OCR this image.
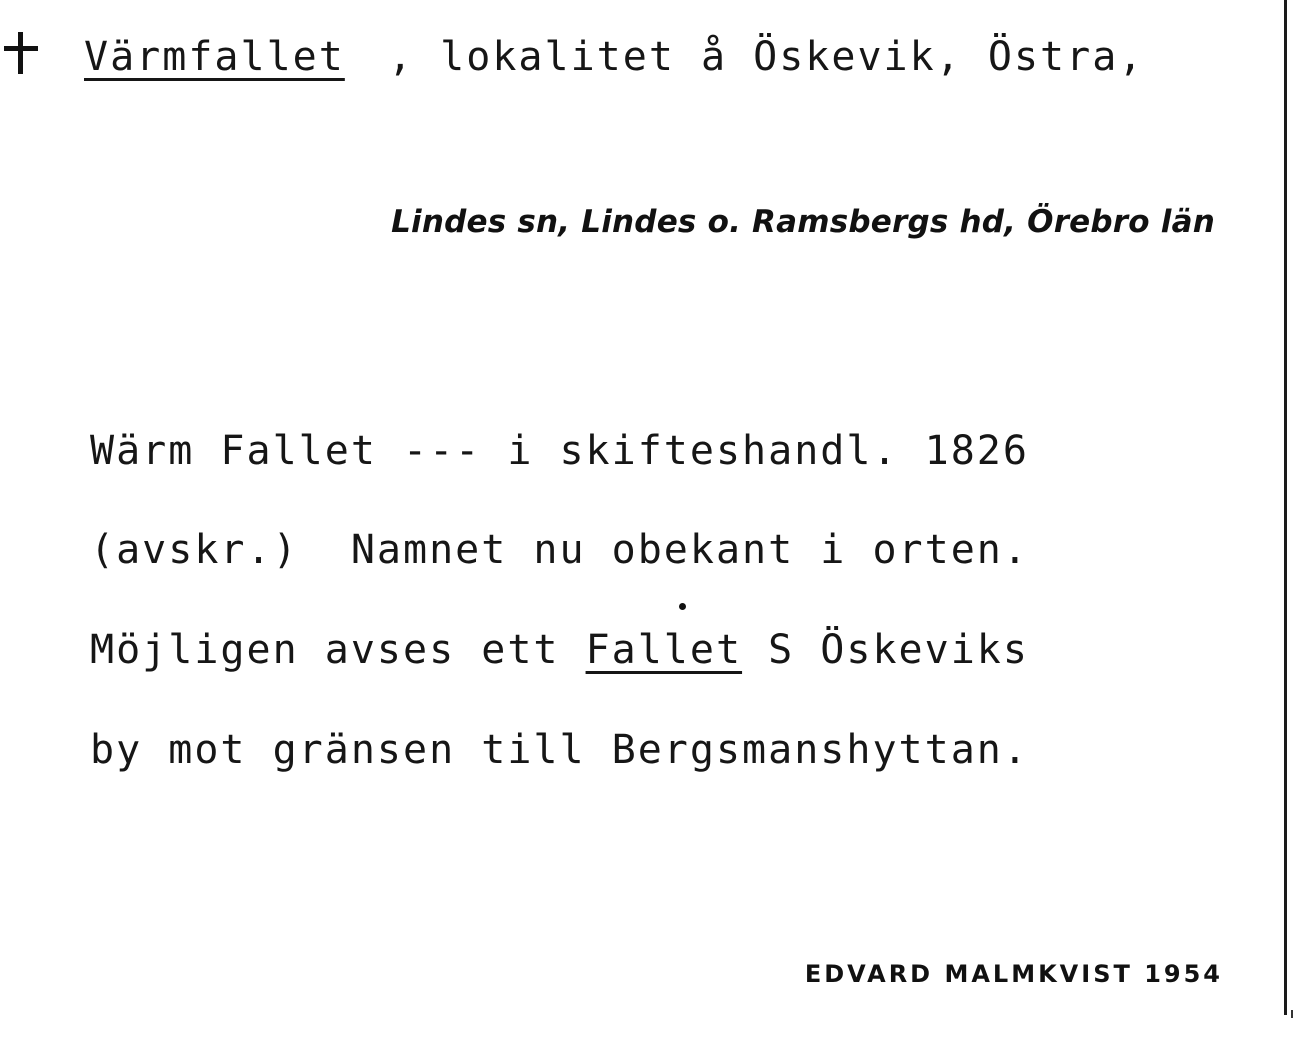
Värmfallet , lokalitet å Öskevik, Östra,
Lindes sn, Lindes o. Ramsbergs hd, Örebro län
Wärm Fallet --- i skifteshandl. 1826
(avskr.)  Namnet nu obekant i orten.
Möjligen avses ett Fallet S Öskeviks
by mot gränsen till Bergsmanshyttan.
EDVARD MALMKVIST 1954
